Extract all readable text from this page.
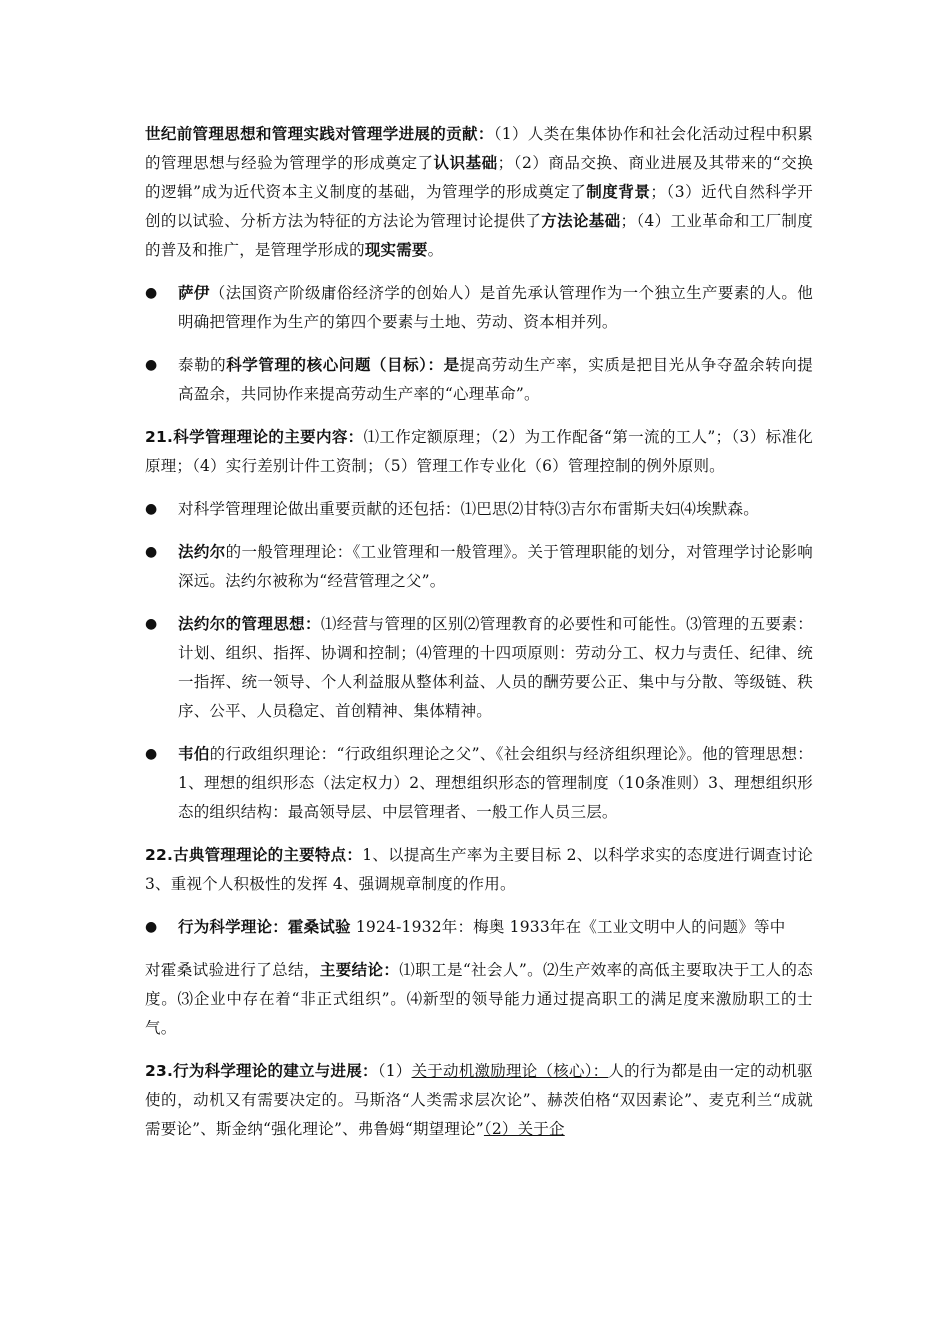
世纪前管理思想和管理实践对管理学进展的贡献：（1）人类在集体协作和社会化活动过程中积累的管理思想与经验为管理学的形成奠定了认识基础；（2）商品交换、商业进展及其带来的“交换的逻辑”成为近代资本主义制度的基础，为管理学的形成奠定了制度背景；（3）近代自然科学开创的以试验、分析方法为特征的方法论为管理讨论提供了方法论基础；（4）工业革命和工厂制度的普及和推广，是管理学形成的现实需要。

● 萨伊（法国资产阶级庸俗经济学的创始人）是首先承认管理作为一个独立生产要素的人。他明确把管理作为生产的第四个要素与土地、劳动、资本相并列。
● 泰勒的科学管理的核心问题（目标）：是提高劳动生产率，实质是把目光从争夺盈余转向提高盈余，共同协作来提高劳动生产率的“心理革命”。

21.科学管理理论的主要内容：⑴工作定额原理；（2）为工作配备“第一流的工人”；（3）标准化原理；（4）实行差别计件工资制；（5）管理工作专业化（6）管理控制的例外原则。

● 对科学管理理论做出重要贡献的还包括：⑴巴思⑵甘特⑶吉尔布雷斯夫妇⑷埃默森。
● 法约尔的一般管理理论：《工业管理和一般管理》。关于管理职能的划分，对管理学讨论影响深远。法约尔被称为“经营管理之父”。
● 法约尔的管理思想：⑴经营与管理的区别⑵管理教育的必要性和可能性。⑶管理的五要素：计划、组织、指挥、协调和控制；⑷管理的十四项原则：劳动分工、权力与责任、纪律、统一指挥、统一领导、个人利益服从整体利益、人员的酬劳要公正、集中与分散、等级链、秩序、公平、人员稳定、首创精神、集体精神。
● 韦伯的行政组织理论：“行政组织理论之父”、《社会组织与经济组织理论》。他的管理思想：1、理想的组织形态（法定权力）2、理想组织形态的管理制度（10条准则）3、理想组织形态的组织结构：最高领导层、中层管理者、一般工作人员三层。

22.古典管理理论的主要特点：1、以提高生产率为主要目标 2、以科学求实的态度进行调查讨论 3、重视个人积极性的发挥 4、强调规章制度的作用。

● 行为科学理论：霍桑试验 1924-1932年：梅奥 1933年在《工业文明中人的问题》等中

对霍桑试验进行了总结，主要结论：⑴职工是“社会人”。⑵生产效率的高低主要取决于工人的态度。⑶企业中存在着“非正式组织”。⑷新型的领导能力通过提高职工的满足度来激励职工的士气。

23.行为科学理论的建立与进展：（1）关于动机激励理论（核心）：人的行为都是由一定的动机驱使的，动机又有需要决定的。马斯洛“人类需求层次论”、赫茨伯格“双因素论”、麦克利兰“成就需要论”、斯金纳“强化理论”、弗鲁姆“期望理论”（2）关于企
